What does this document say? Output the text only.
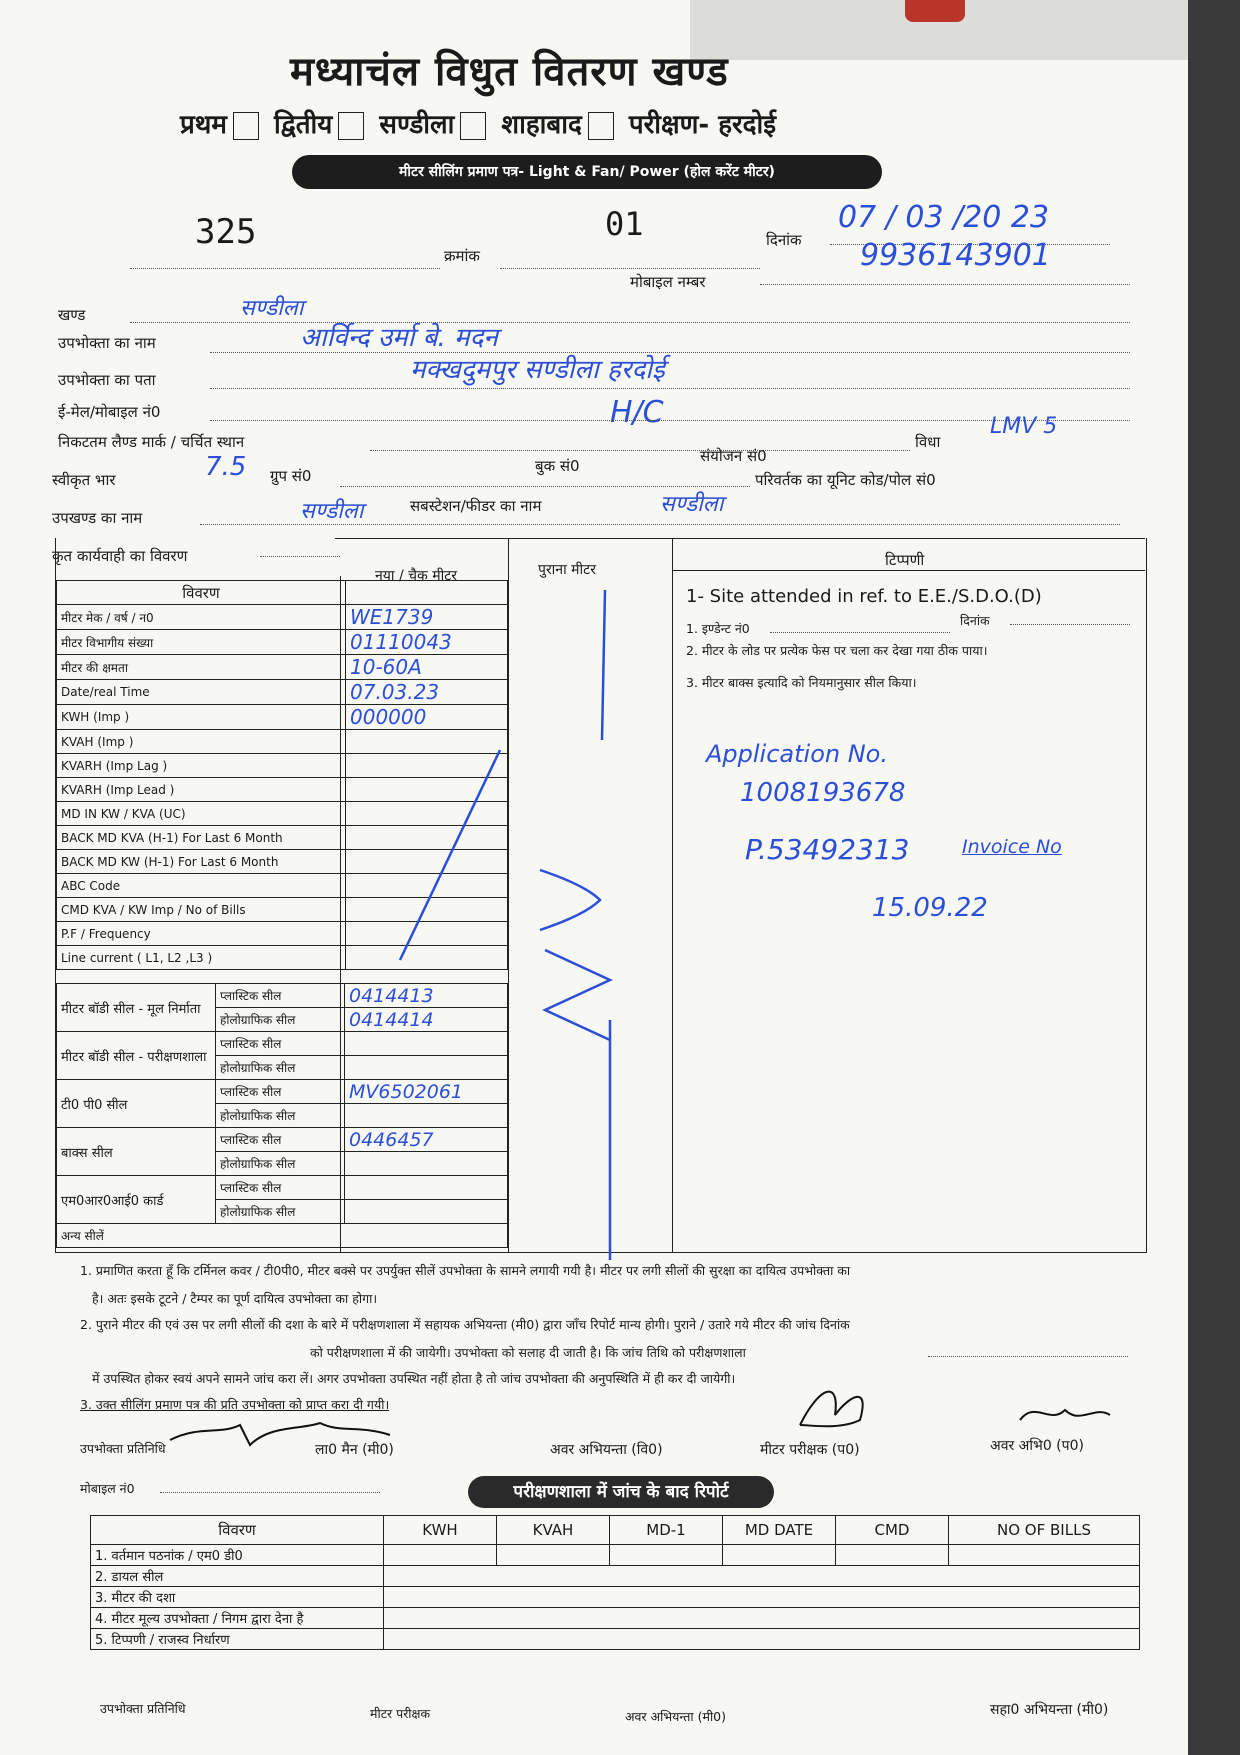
मध्याचंल विधुत वितरण खण्ड
प्रथम द्वितीय सण्डीला शाहाबाद परीक्षण- हरदोई
मीटर सीलिंग प्रमाण पत्र- Light & Fan/ Power (होल करेंट मीटर)
325	01
क्रमांक
दिनांक
07 / 03 /20 23
मोबाइल नम्बर
9936143901
खण्ड	सण्डीला
उपभोक्ता का नाम	आर्विन्द उर्मा बे. मदन
उपभोक्ता का पता	मक्खदुमपुर सण्डीला हरदोई
ई-मेल/मोबाइल नं0	H/C
निकटतम लैण्ड मार्क / चर्चित स्थान	विधा
LMV 5
स्वीकृत भार	7.5 ग्रुप सं0
बुक सं0
संयोजन सं0
परिवर्तक का यूनिट कोड/पोल सं0
उपखण्ड का नाम	सण्डीला	सबस्टेशन/फीडर का नाम	सण्डीला
कृत कार्यवाही का विवरण
नया / चैक मीटर	पुराना मीटर
टिप्पणी
विवरण	
मीटर मेक / वर्ष / न0	WE1739
मीटर विभागीय संख्या	01110043
मीटर की क्षमता	10-60A
Date/real Time	07.03.23
KWH (Imp )	000000
KVAH (Imp )	
KVARH (Imp Lag )	
KVARH (Imp Lead )	
MD IN KW / KVA (UC)	
BACK MD KVA (H-1) For Last 6 Month	
BACK MD KW (H-1) For Last 6 Month	
ABC Code	
CMD KVA / KW Imp / No of Bills	
P.F / Frequency	
Line current ( L1, L2 ,L3 )	
मीटर बॉडी सील - मूल निर्माता	प्लास्टिक सील	0414413
	होलोग्राफिक सील	0414414
मीटर बॉडी सील - परीक्षणशाला	प्लास्टिक सील	
	होलोग्राफिक सील	
टी0 पी0 सील	प्लास्टिक सील	MV6502061
	होलोग्राफिक सील	
बाक्स सील	प्लास्टिक सील	0446457
	होलोग्राफिक सील	
एम0आर0आई0 कार्ड	प्लास्टिक सील	
	होलोग्राफिक सील	
अन्य सीलें		
1- Site attended in ref. to E.E./S.D.O.(D)
1. इण्डेन्ट नं0
दिनांक
2. मीटर के लोड पर प्रत्येक फेस पर चला कर देखा गया ठीक पाया।
3. मीटर बाक्स इत्यादि को नियमानुसार सील किया।
Application No.
1008193678
P.53492313	Invoice No
15.09.22
1. प्रमाणित करता हूँ कि टर्मिनल कवर / टी0पी0, मीटर बक्से पर उपर्युक्त सीलें उपभोक्ता के सामने लगायी गयी है। मीटर पर लगी सीलों की सुरक्षा का दायित्व उपभोक्ता का
है। अतः इसके टूटने / टैम्पर का पूर्ण दायित्व उपभोक्ता का होगा।
2. पुराने मीटर की एवं उस पर लगी सीलों की दशा के बारे में परीक्षणशाला में सहायक अभियन्ता (मी0) द्वारा जाँच रिपोर्ट मान्य होगी। पुराने / उतारे गये मीटर की जांच दिनांक
को परीक्षणशाला में की जायेगी। उपभोक्ता को सलाह दी जाती है। कि जांच तिथि को परीक्षणशाला
में उपस्थित होकर स्वयं अपने सामने जांच करा लें। अगर उपभोक्ता उपस्थित नहीं होता है तो जांच उपभोक्ता की अनुपस्थिति में ही कर दी जायेगी।
3. उक्त सीलिंग प्रमाण पत्र की प्रति उपभोक्ता को प्राप्त करा दी गयी।
उपभोक्ता प्रतिनिधि	ला0 मैन (मी0)	अवर अभियन्ता (वि0)	मीटर परीक्षक (प0)	अवर अभि0 (प0)
मोबाइल नं0	परीक्षणशाला में जांच के बाद रिपोर्ट
विवरण	KWH	KVAH	MD-1	MD DATE	CMD	NO OF BILLS
1. वर्तमान पठनांक / एम0 डी0						
2. डायल सील						
3. मीटर की दशा						
4. मीटर मूल्य उपभोक्ता / निगम द्वारा देना है						
5. टिप्पणी / राजस्व निर्धारण						
उपभोक्ता प्रतिनिधि	मीटर परीक्षक	अवर अभियन्ता (मी0)	सहा0 अभियन्ता (मी0)
